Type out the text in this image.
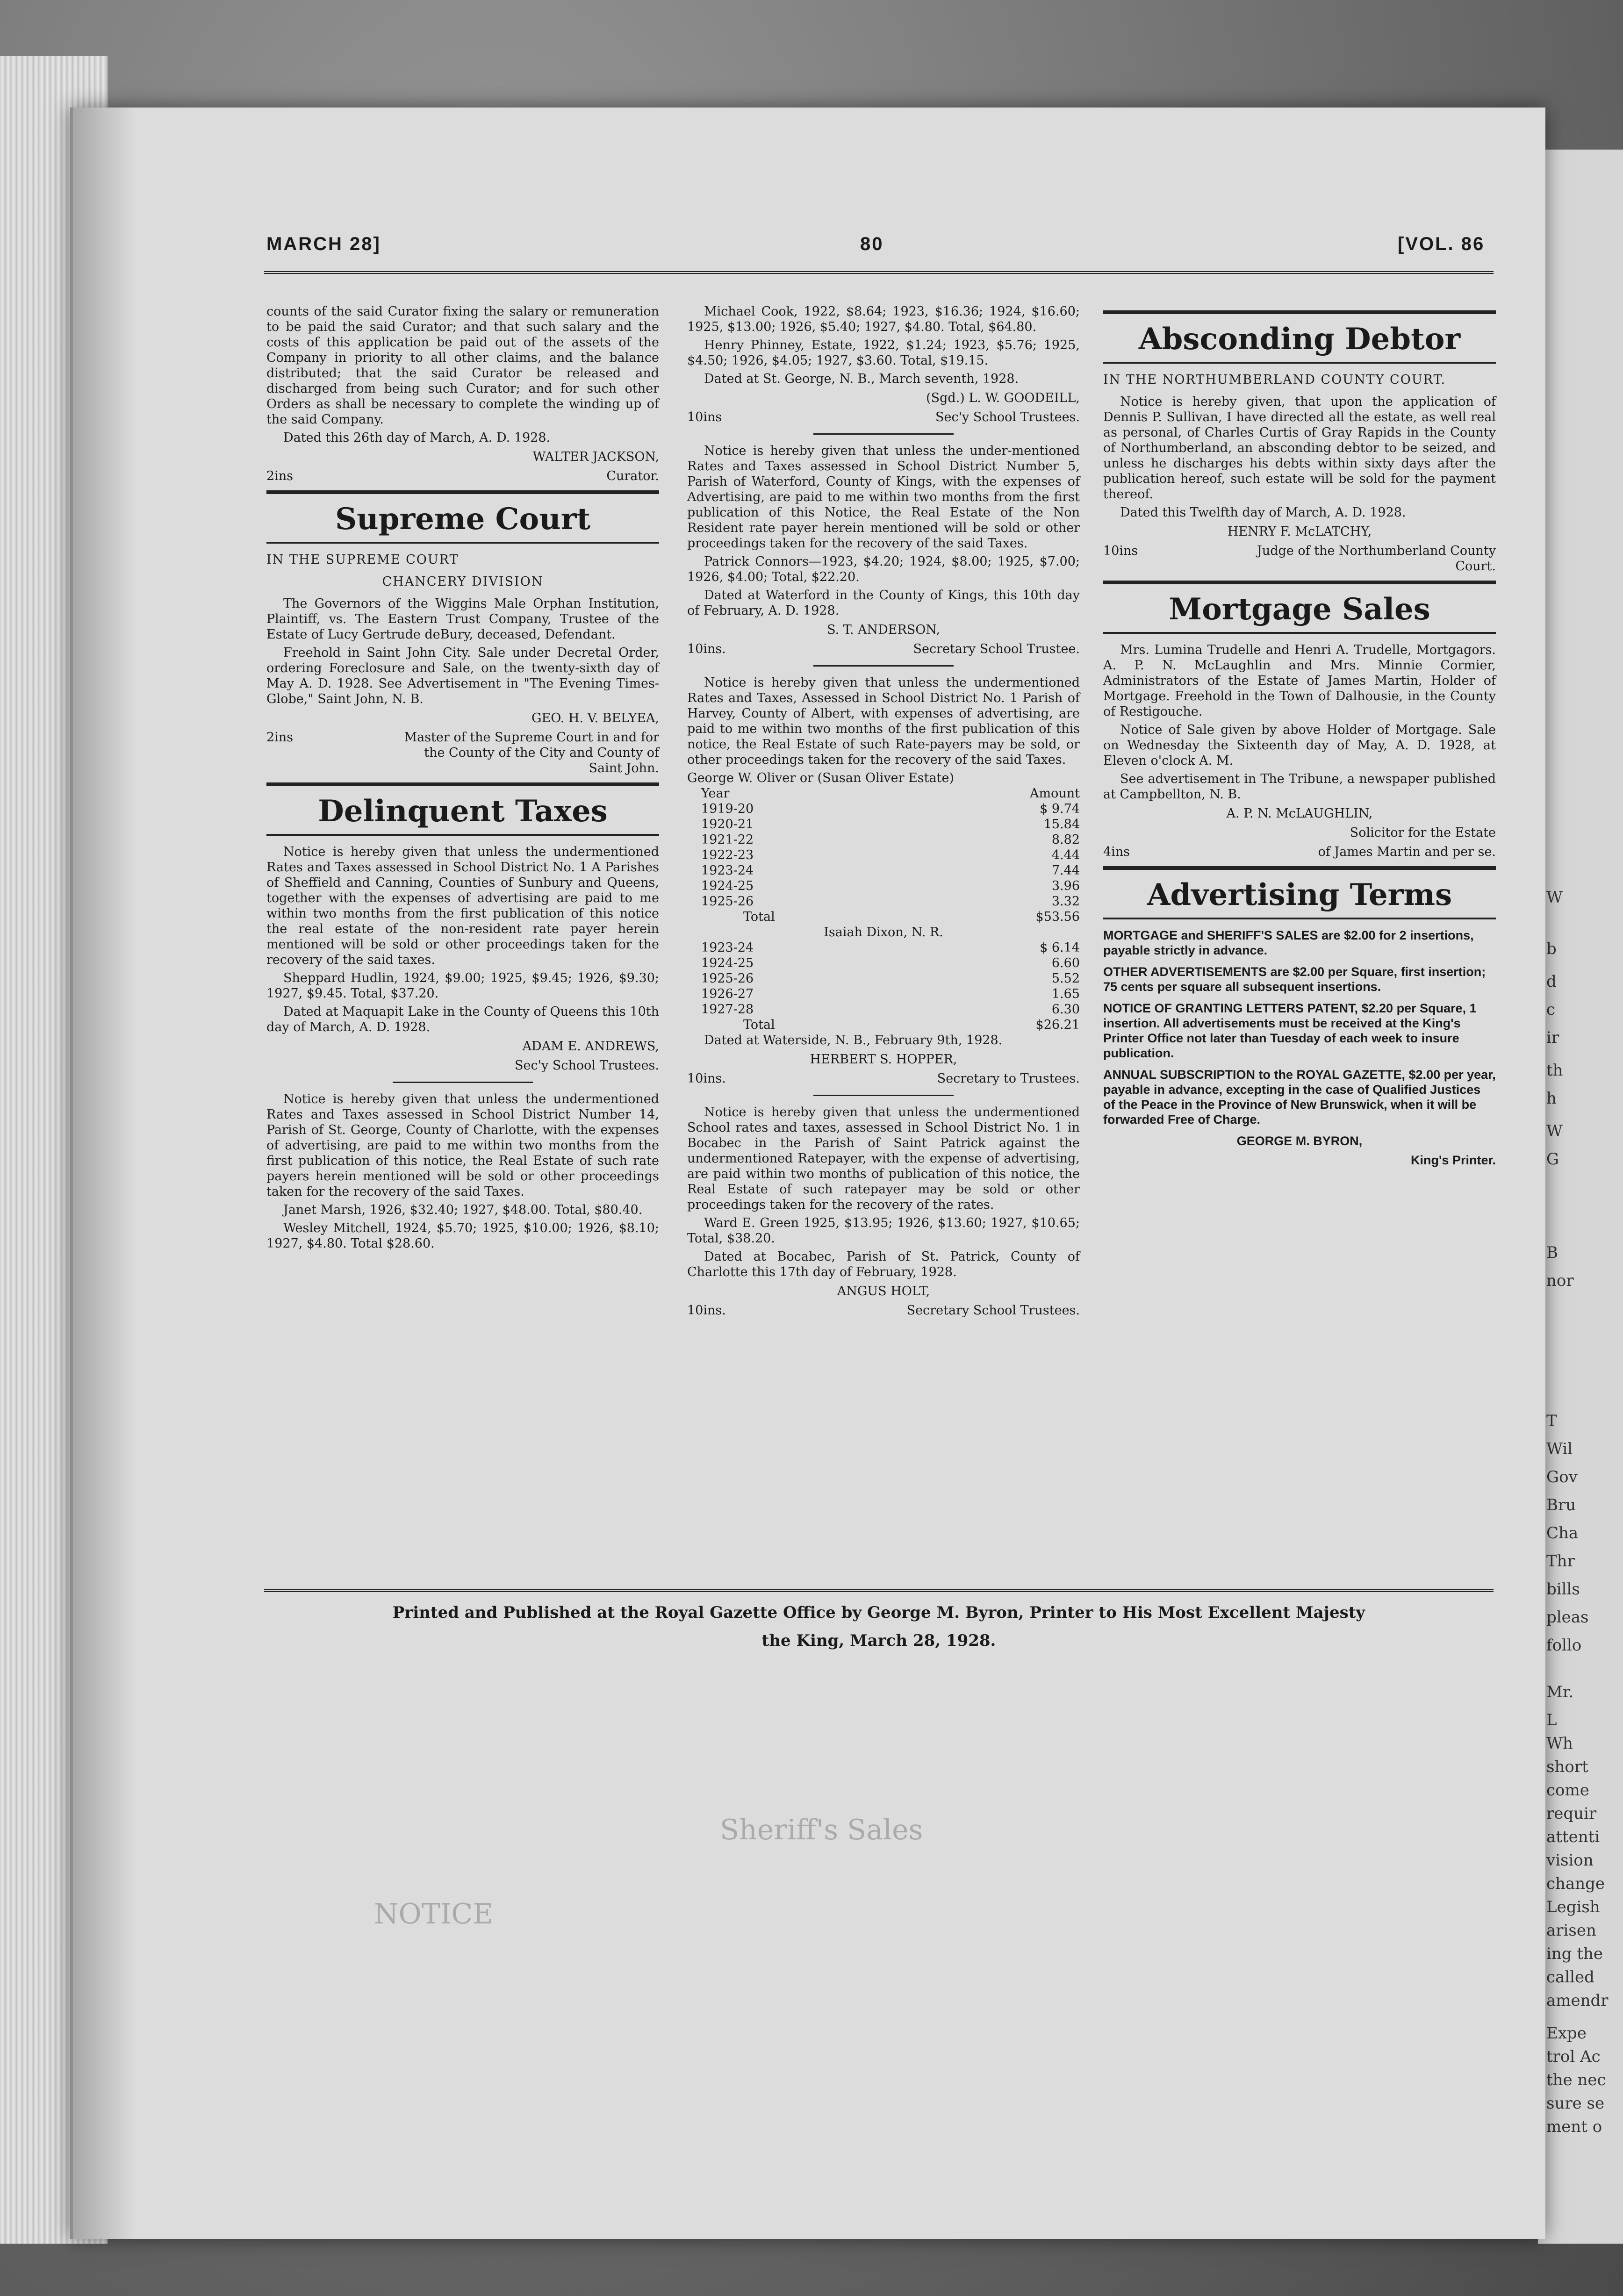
W
b
d
c
ir
th
h
W
G
B
nor
T
Wil
Gov
Bru
Cha
Thr
bills
pleas
follo
Mr.
L
Wh
short
come
requir
attenti
vision
change
Legish
arisen
ing the
called
amendr
Expe
trol Ac
the nec
sure se
ment o
MARCH 28]	80	[VOL. 86

counts of the said Curator fixing the salary or remuneration to be paid the said Curator; and that such salary and the costs of this application be paid out of the assets of the Company in priority to all other claims, and the balance distributed; that the said Curator be released and discharged from being such Curator; and for such other Orders as shall be necessary to complete the winding up of the said Company.

Dated this 26th day of March, A. D. 1928.

WALTER JACKSON,
2ins	Curator.
Supreme Court
IN THE SUPREME COURT
CHANCERY DIVISION

The Governors of the Wiggins Male Orphan Institution, Plaintiff, vs. The Eastern Trust Company, Trustee of the Estate of Lucy Gertrude deBury, deceased, Defendant.

Freehold in Saint John City. Sale under Decretal Order, ordering Foreclosure and Sale, on the twenty-sixth day of May A. D. 1928. See Advertisement in "The Evening Times-Globe," Saint John, N. B.

GEO. H. V. BELYEA,
2ins	Master of the Supreme Court in and for the County of the City and County of Saint John.
Delinquent Taxes

Notice is hereby given that unless the undermentioned Rates and Taxes assessed in School District No. 1 A Parishes of Sheffield and Canning, Counties of Sunbury and Queens, together with the expenses of advertising are paid to me within two months from the first publication of this notice the real estate of the non-resident rate payer herein mentioned will be sold or other proceedings taken for the recovery of the said taxes.

Sheppard Hudlin, 1924, $9.00; 1925, $9.45; 1926, $9.30; 1927, $9.45. Total, $37.20.

Dated at Maquapit Lake in the County of Queens this 10th day of March, A. D. 1928.

ADAM E. ANDREWS,
Sec'y School Trustees.

Notice is hereby given that unless the undermentioned Rates and Taxes assessed in School District Number 14, Parish of St. George, County of Charlotte, with the expenses of advertising, are paid to me within two months from the first publication of this notice, the Real Estate of such rate payers herein mentioned will be sold or other proceedings taken for the recovery of the said Taxes.

Janet Marsh, 1926, $32.40; 1927, $48.00. Total, $80.40.

Wesley Mitchell, 1924, $5.70; 1925, $10.00; 1926, $8.10; 1927, $4.80. Total $28.60.

Michael Cook, 1922, $8.64; 1923, $16.36; 1924, $16.60; 1925, $13.00; 1926, $5.40; 1927, $4.80. Total, $64.80.

Henry Phinney, Estate, 1922, $1.24; 1923, $5.76; 1925, $4.50; 1926, $4.05; 1927, $3.60. Total, $19.15.

Dated at St. George, N. B., March seventh, 1928.

(Sgd.) L. W. GOODEILL,
10ins	Sec'y School Trustees.

Notice is hereby given that unless the under-mentioned Rates and Taxes assessed in School District Number 5, Parish of Waterford, County of Kings, with the expenses of Advertising, are paid to me within two months from the first publication of this Notice, the Real Estate of the Non Resident rate payer herein mentioned will be sold or other proceedings taken for the recovery of the said Taxes.

Patrick Connors—1923, $4.20; 1924, $8.00; 1925, $7.00; 1926, $4.00; Total, $22.20.

Dated at Waterford in the County of Kings, this 10th day of February, A. D. 1928.

S. T. ANDERSON,
10ins.	Secretary School Trustee.

Notice is hereby given that unless the undermentioned Rates and Taxes, Assessed in School District No. 1 Parish of Harvey, County of Albert, with expenses of advertising, are paid to me within two months of the first publication of this notice, the Real Estate of such Rate-payers may be sold, or other proceedings taken for the recovery of the said Taxes.

George W. Oliver or (Susan Oliver Estate)
Year	Amount
1919-20	$ 9.74
1920-21	15.84
1921-22	8.82
1922-23	4.44
1923-24	7.44
1924-25	3.96
1925-26	3.32
Total	$53.56
Isaiah Dixon, N. R.
1923-24	$ 6.14
1924-25	6.60
1925-26	5.52
1926-27	1.65
1927-28	6.30
Total	$26.21

Dated at Waterside, N. B., February 9th, 1928.

HERBERT S. HOPPER,
10ins.	Secretary to Trustees.

Notice is hereby given that unless the undermentioned School rates and taxes, assessed in School District No. 1 in Bocabec in the Parish of Saint Patrick against the undermentioned Ratepayer, with the expense of advertising, are paid within two months of publication of this notice, the Real Estate of such ratepayer may be sold or other proceedings taken for the recovery of the rates.

Ward E. Green 1925, $13.95; 1926, $13.60; 1927, $10.65; Total, $38.20.

Dated at Bocabec, Parish of St. Patrick, County of Charlotte this 17th day of February, 1928.

ANGUS HOLT,
10ins.	Secretary School Trustees.
Absconding Debtor
IN THE NORTHUMBERLAND COUNTY COURT.

Notice is hereby given, that upon the application of Dennis P. Sullivan, I have directed all the estate, as well real as personal, of Charles Curtis of Gray Rapids in the County of Northumberland, an absconding debtor to be seized, and unless he discharges his debts within sixty days after the publication hereof, such estate will be sold for the payment thereof.

Dated this Twelfth day of March, A. D. 1928.

HENRY F. McLATCHY,
10ins	Judge of the Northumberland County Court.
Mortgage Sales

Mrs. Lumina Trudelle and Henri A. Trudelle, Mortgagors. A. P. N. McLaughlin and Mrs. Minnie Cormier, Administrators of the Estate of James Martin, Holder of Mortgage. Freehold in the Town of Dalhousie, in the County of Restigouche.

Notice of Sale given by above Holder of Mortgage. Sale on Wednesday the Sixteenth day of May, A. D. 1928, at Eleven o'clock A. M.

See advertisement in The Tribune, a newspaper published at Campbellton, N. B.

A. P. N. McLAUGHLIN,
Solicitor for the Estate
4ins	of James Martin and per se.
Advertising Terms
MORTGAGE and SHERIFF'S SALES are $2.00 for 2 insertions, payable strictly in advance.
OTHER ADVERTISEMENTS are $2.00 per Square, first insertion; 75 cents per square all subsequent insertions.
NOTICE OF GRANTING LETTERS PATENT, $2.20 per Square, 1 insertion. All advertisements must be received at the King's Printer Office not later than Tuesday of each week to insure publication.
ANNUAL SUBSCRIPTION to the ROYAL GAZETTE, $2.00 per year, payable in advance, excepting in the case of Qualified Justices of the Peace in the Province of New Brunswick, when it will be forwarded Free of Charge.
GEORGE M. BYRON,
King's Printer.
Printed and Published at the Royal Gazette Office by George M. Byron, Printer to His Most Excellent Majesty
the King, March 28, 1928.
Sheriff's Sales
NOTICE
